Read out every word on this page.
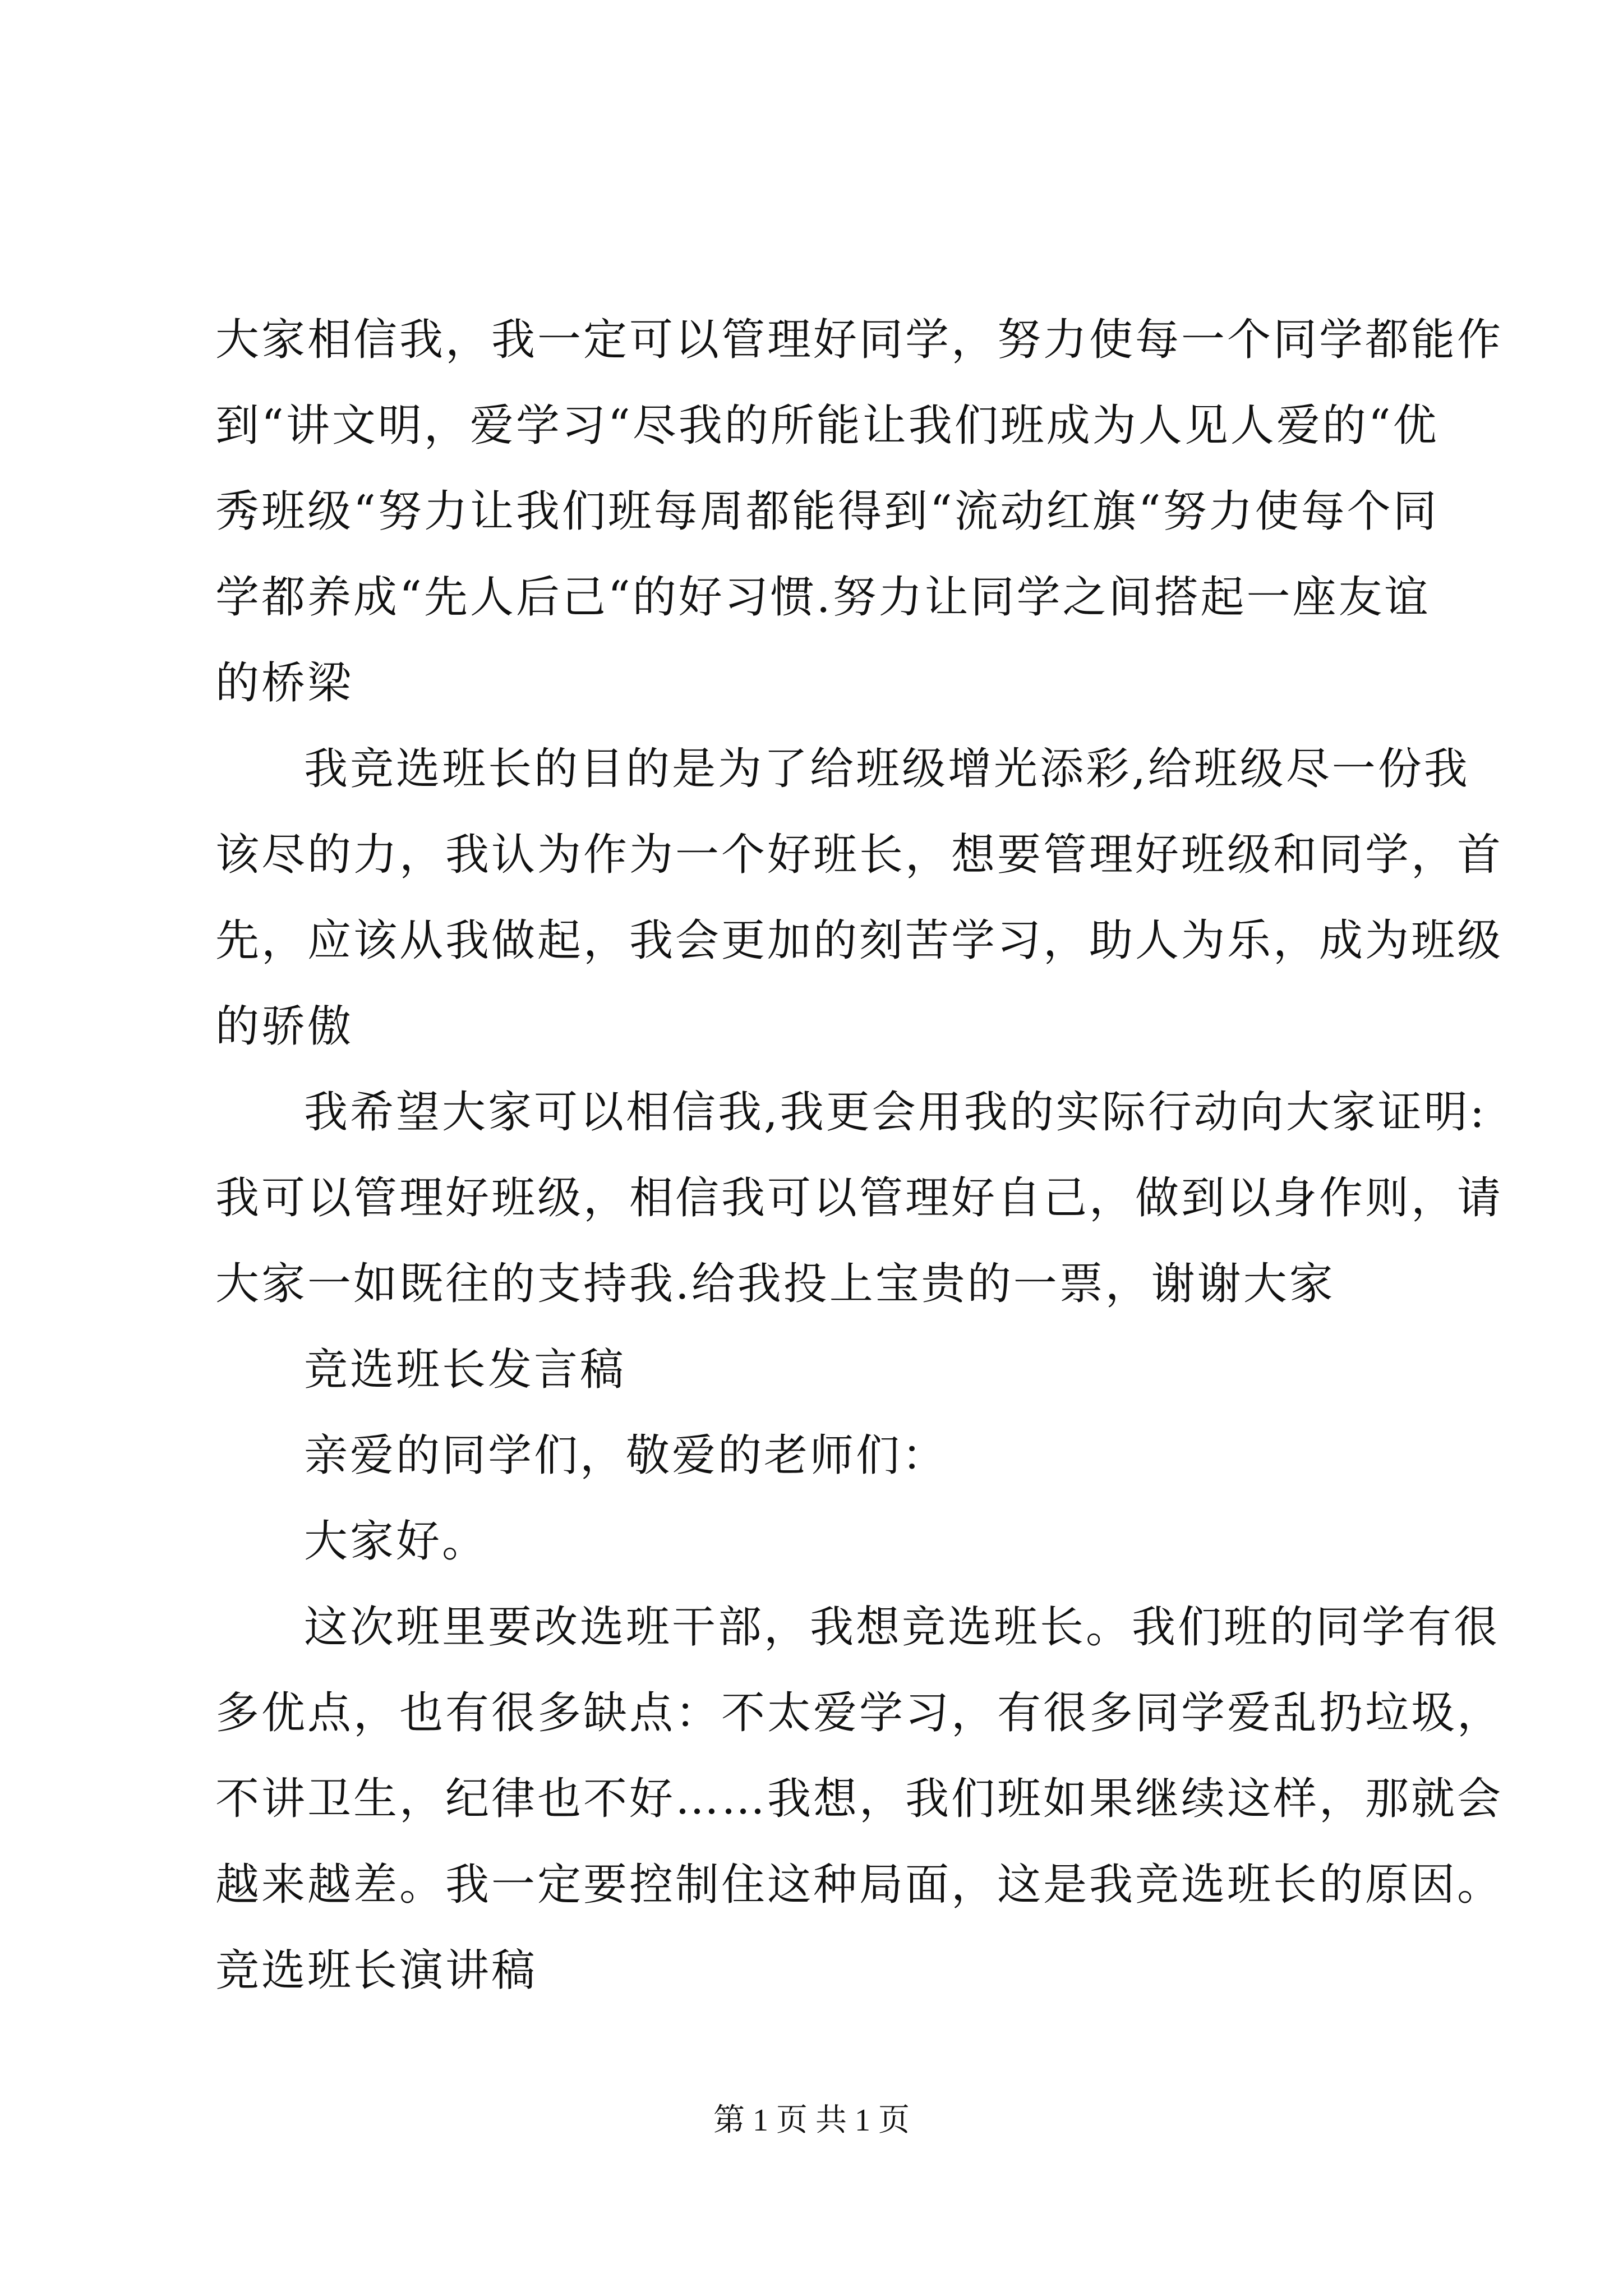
大家相信我，我一定可以管理好同学，努力使每一个同学都能作
到“讲文明，爱学习“尽我的所能让我们班成为人见人爱的“优
秀班级“努力让我们班每周都能得到“流动红旗“努力使每个同
学都养成“先人后己“的好习惯.努力让同学之间搭起一座友谊
的桥梁
我竞选班长的目的是为了给班级增光添彩,给班级尽一份我
该尽的力，我认为作为一个好班长，想要管理好班级和同学，首
先，应该从我做起，我会更加的刻苦学习，助人为乐，成为班级
的骄傲
我希望大家可以相信我,我更会用我的实际行动向大家证明:
我可以管理好班级，相信我可以管理好自己，做到以身作则，请
大家一如既往的支持我.给我投上宝贵的一票，谢谢大家
竞选班长发言稿
亲爱的同学们，敬爱的老师们：
大家好。
这次班里要改选班干部，我想竞选班长。我们班的同学有很
多优点，也有很多缺点：不太爱学习，有很多同学爱乱扔垃圾，
不讲卫生，纪律也不好……我想，我们班如果继续这样，那就会
越来越差。我一定要控制住这种局面，这是我竞选班长的原因。
竞选班长演讲稿
第 1 页 共 1 页
